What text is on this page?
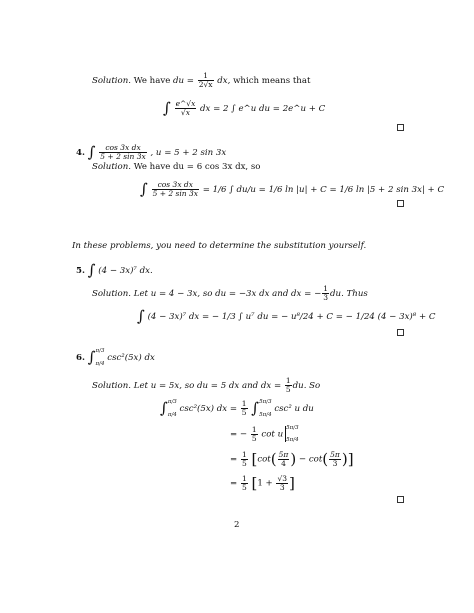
Solution. We have du = $\frac{1}{2√x}$ dx, which means that
∫ $\frac{e\^{}√x}{√x}$ dx = 2 ∫ e^u du = 2e^u + C
4. ∫ $\frac{\text{cos 3x dx}}{5 + 2 \sin 3x}$ , u = 5 + 2 sin 3x
Solution. We have du = 6 cos 3x dx, so
∫ $\frac{\text{cos 3x dx}}{5 + 2 \sin 3x} = 1/6$ ∫ du/u = 1/6 ln |u| + C = 1/6 ln |5 + 2 sin 3x| + C
In these problems, you need to determine the substitution yourself.
5. ∫ (4 − 3x)⁷ dx.
Solution. Let u = 4 − 3x, so du = −3x dx and dx = − $\frac{1}{3}$ du. Thus
∫ (4 − 3x)⁷ dx = − 1/3 ∫ u⁷ du = − u⁸/24 + C = − 1/24 (4 − 3x)⁸ + C
6. ∫π/3

π/4 csc²(5x) dx
Solution. Let u = 5x, so du = 5 dx and dx = $\frac{1}{5}$ du. So
∫π/3

π/4 csc²(5x) dx = $\frac{1}{5} \int 5\pi/3$

5π/4 csc² u du
= − $\frac{1}{5}$ cot u5π/3

5π/4
= $\frac{1}{5} [\cot( \frac{5\pi}{4}$ ) − $\cot( \frac{5\pi}{3}$ )]
= $\frac{1}{5} [1 + \frac{√3}{3}$ ]
2
